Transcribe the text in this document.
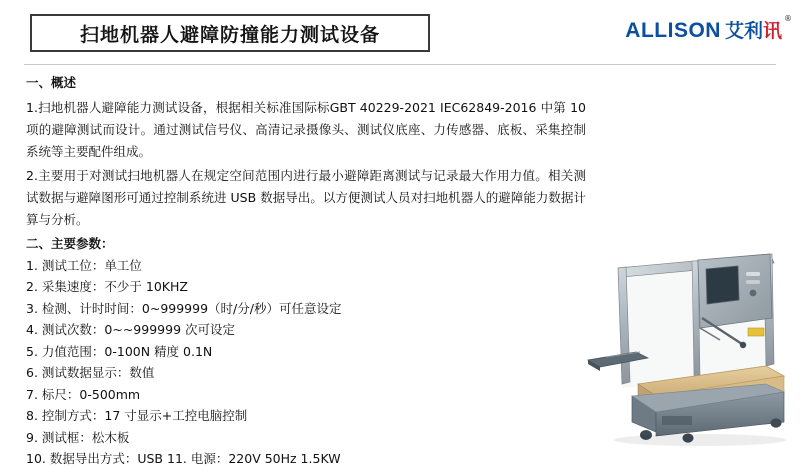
扫地机器人避障防撞能力测试设备	ALLISON 艾利讯
®
一、概述

1.扫地机器人避障能力测试设备，根据相关标准国际标GBT 40229-2021 IEC62849-2016 中第 10 项的避障测试而设计。通过测试信号仪、高清记录摄像头、测试仪底座、力传感器、底板、采集控制系统等主要配件组成。

2.主要用于对测试扫地机器人在规定空间范围内进行最小避障距离测试与记录最大作用力值。相关测试数据与避障图形可通过控制系统进 USB 数据导出。以方便测试人员对扫地机器人的避障能力数据计算与分析。

二、主要参数：
1. 测试工位：单工位
2. 采集速度：不少于 10KHZ
3. 检测、计时时间：0~999999（时/分/秒）可任意设定
4. 测试次数：0~~999999 次可设定
5. 力值范围：0-100N 精度 0.1N
6. 测试数据显示：数值
7. 标尺：0-500mm
8. 控制方式：17 寸显示+工控电脑控制
9. 测试框：松木板
10. 数据导出方式：USB 11. 电源：220V 50Hz 1.5KW
